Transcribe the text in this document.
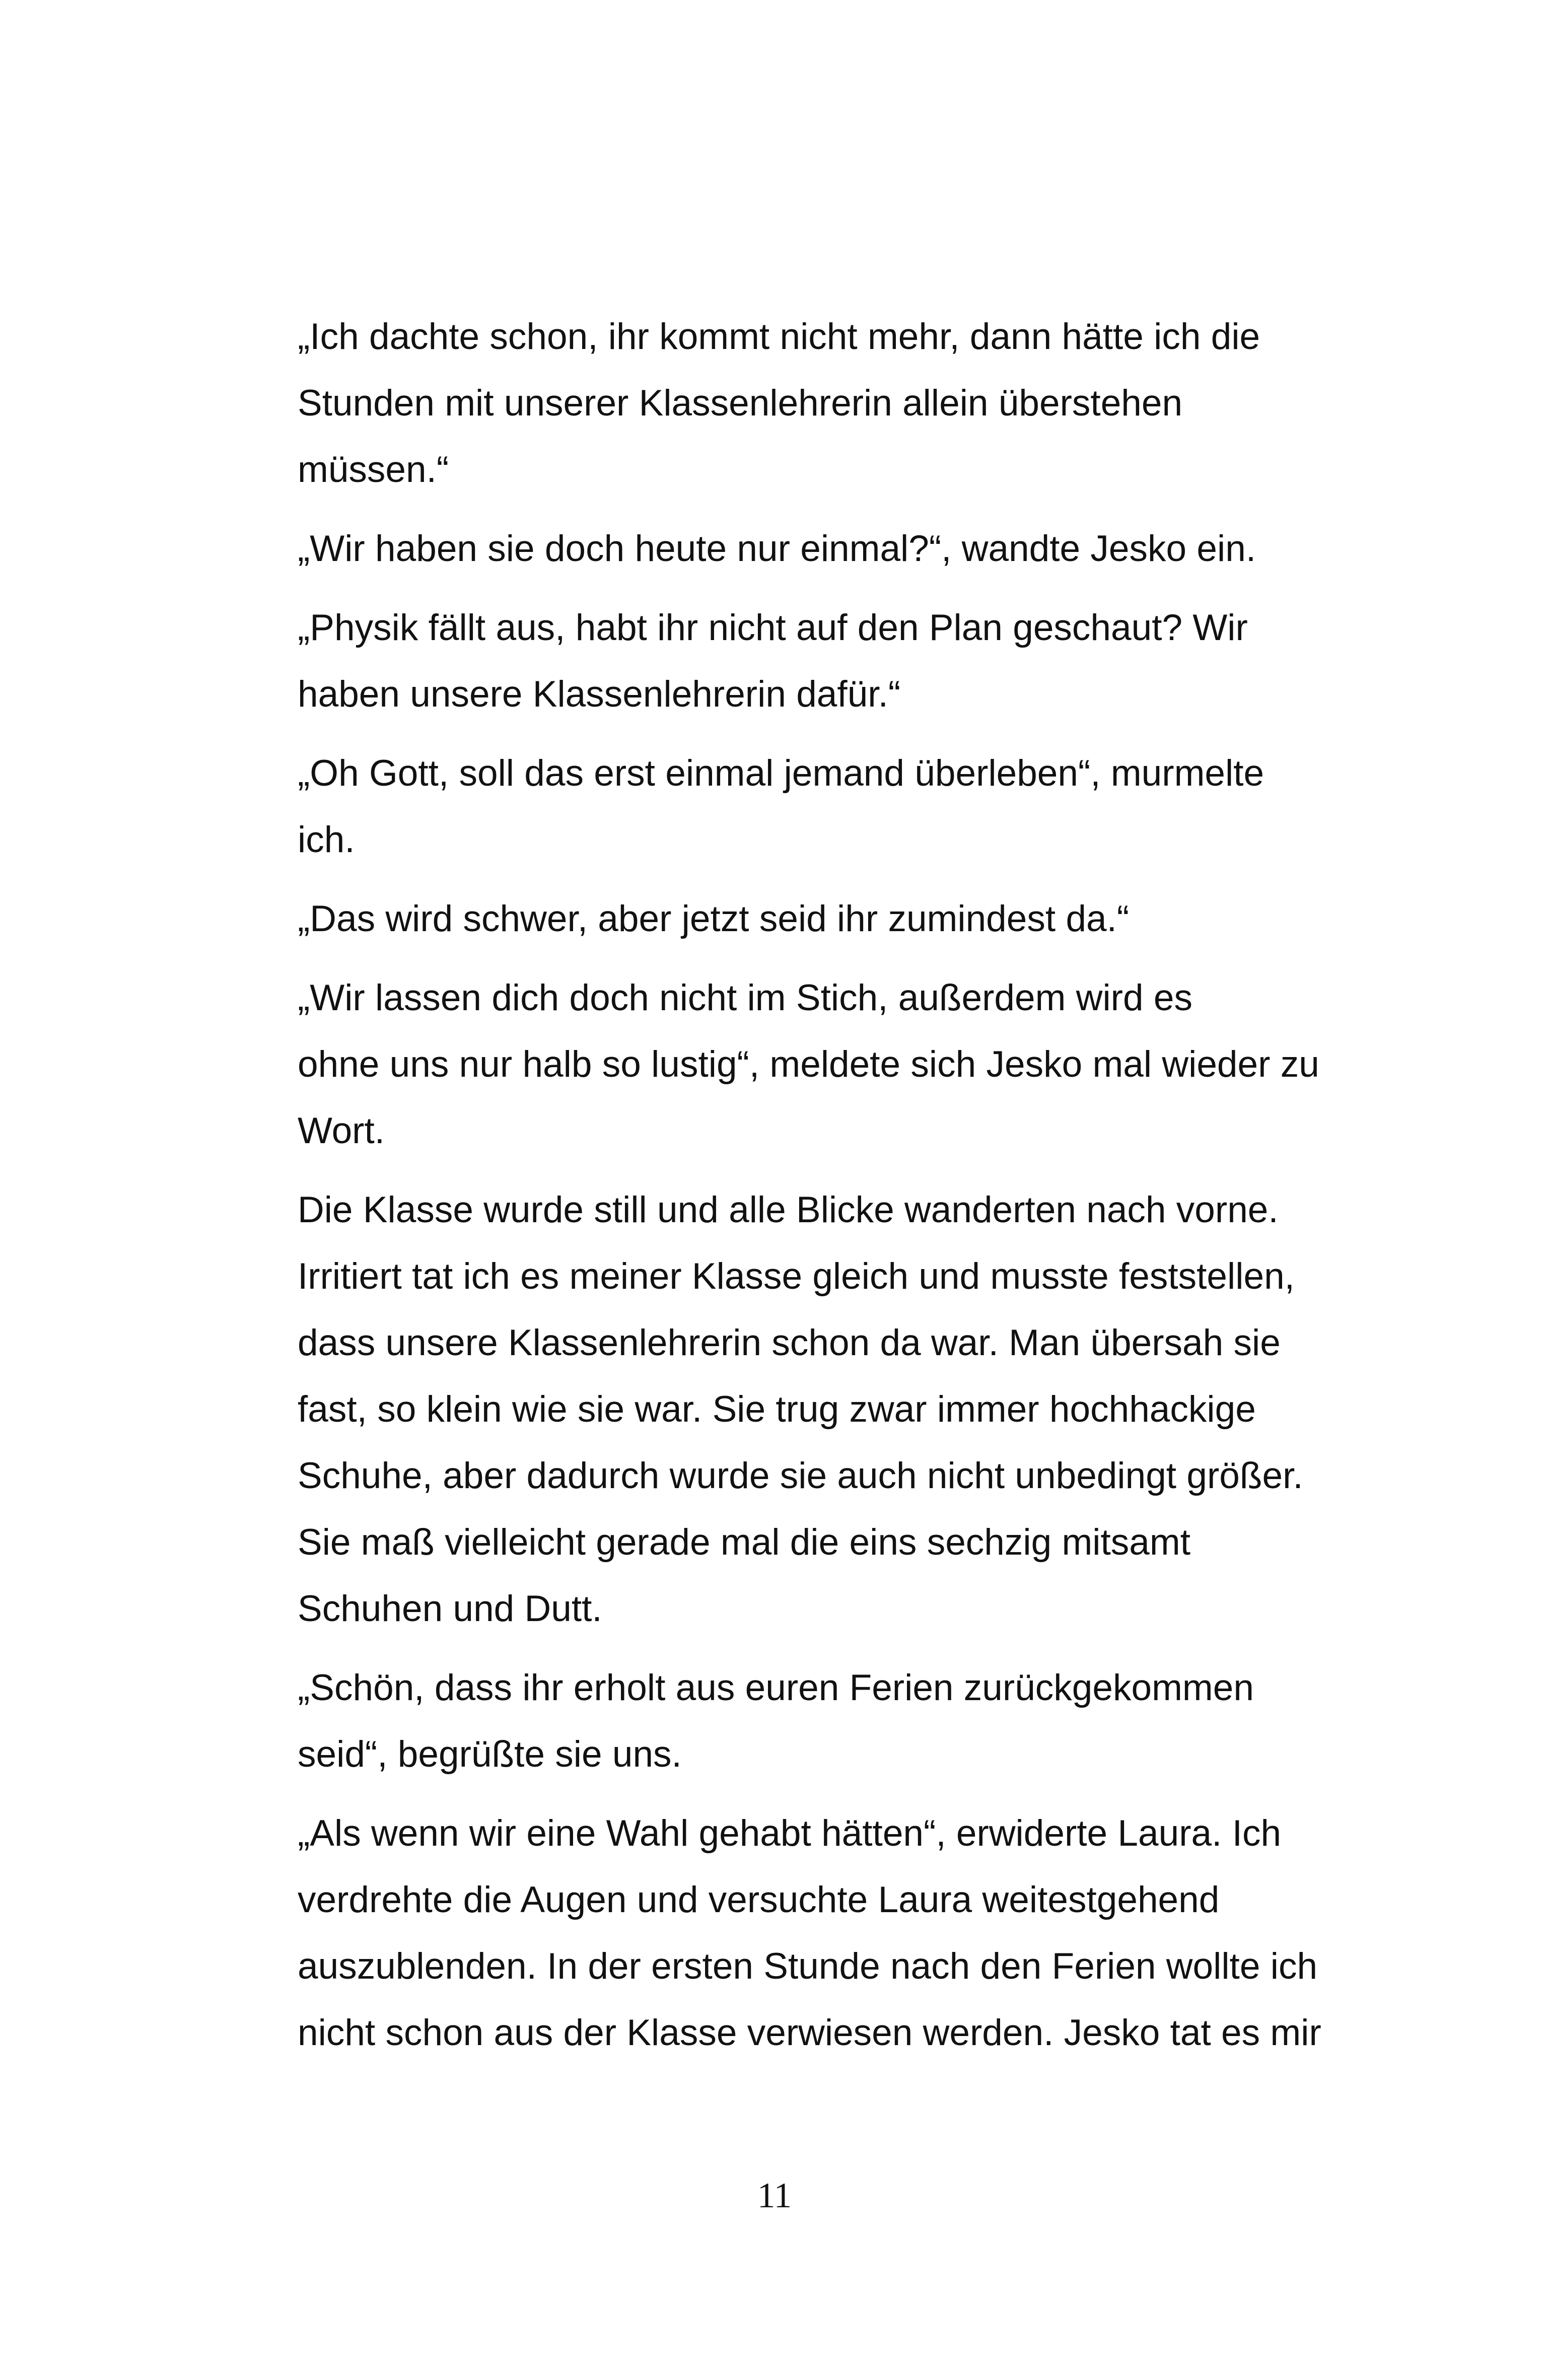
„Ich dachte schon, ihr kommt nicht mehr, dann hätte ich die
Stunden mit unserer Klassenlehrerin allein überstehen
müssen.“

„Wir haben sie doch heute nur einmal?“, wandte Jesko ein.

„Physik fällt aus, habt ihr nicht auf den Plan geschaut? Wir
haben unsere Klassenlehrerin dafür.“

„Oh Gott, soll das erst einmal jemand überleben“, murmelte
ich.

„Das wird schwer, aber jetzt seid ihr zumindest da.“

„Wir lassen dich doch nicht im Stich, außerdem wird es
ohne uns nur halb so lustig“, meldete sich Jesko mal wieder zu
Wort.

Die Klasse wurde still und alle Blicke wanderten nach vorne.
Irritiert tat ich es meiner Klasse gleich und musste feststellen,
dass unsere Klassenlehrerin schon da war. Man übersah sie
fast, so klein wie sie war. Sie trug zwar immer hochhackige
Schuhe, aber dadurch wurde sie auch nicht unbedingt größer.
Sie maß vielleicht gerade mal die eins sechzig mitsamt
Schuhen und Dutt.

„Schön, dass ihr erholt aus euren Ferien zurückgekommen
seid“, begrüßte sie uns.

„Als wenn wir eine Wahl gehabt hätten“, erwiderte Laura. Ich
verdrehte die Augen und versuchte Laura weitestgehend
auszublenden. In der ersten Stunde nach den Ferien wollte ich
nicht schon aus der Klasse verwiesen werden. Jesko tat es mir

11
